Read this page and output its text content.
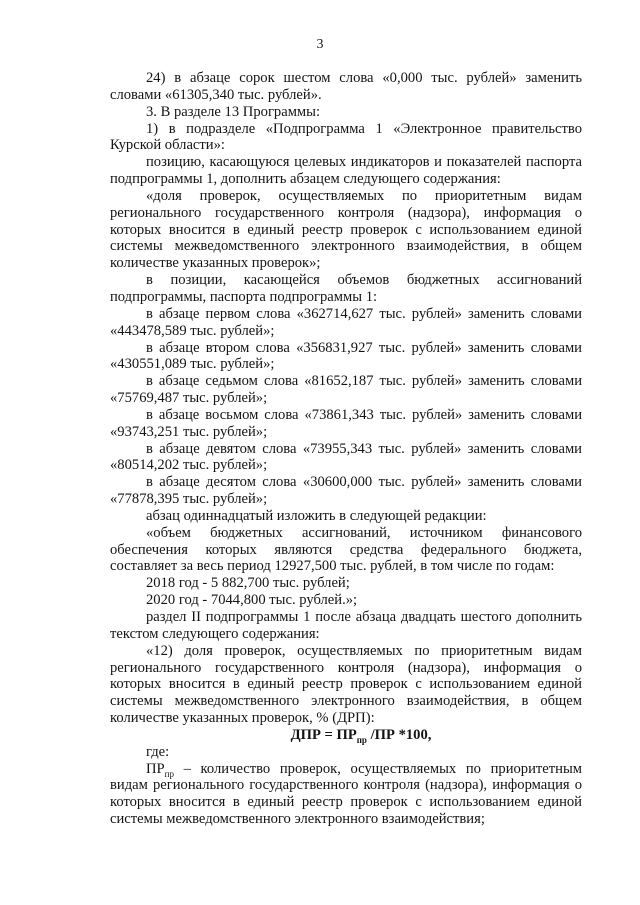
3

24) в абзаце сорок шестом слова «0,000 тыс. рублей» заменить словами «61305,340 тыс. рублей».

3. В разделе 13 Программы:

1) в подразделе «Подпрограмма 1 «Электронное правительство Курской области»:

позицию, касающуюся целевых индикаторов и показателей паспорта подпрограммы 1, дополнить абзацем следующего содержания:

«доля проверок, осуществляемых по приоритетным видам регионального государственного контроля (надзора), информация о которых вносится в единый реестр проверок с использованием единой системы межведомственного электронного взаимодействия, в общем количестве указанных проверок»;

в позиции, касающейся объемов бюджетных ассигнований подпрограммы, паспорта подпрограммы 1:

в абзаце первом слова «362714,627 тыс. рублей» заменить словами «443478,589 тыс. рублей»;

в абзаце втором слова «356831,927 тыс. рублей» заменить словами «430551,089 тыс. рублей»;

в абзаце седьмом слова «81652,187 тыс. рублей» заменить словами «75769,487 тыс. рублей»;

в абзаце восьмом слова «73861,343 тыс. рублей» заменить словами «93743,251 тыс. рублей»;

в абзаце девятом слова «73955,343 тыс. рублей» заменить словами «80514,202 тыс. рублей»;

в абзаце десятом слова «30600,000 тыс. рублей» заменить словами «77878,395 тыс. рублей»;

абзац одиннадцатый изложить в следующей редакции:

«объем бюджетных ассигнований, источником финансового обеспечения которых являются средства федерального бюджета, составляет за весь период 12927,500 тыс. рублей, в том числе по годам:

2018 год - 5 882,700 тыс. рублей;

2020 год - 7044,800 тыс. рублей.»;

раздел II подпрограммы 1 после абзаца двадцать шестого дополнить текстом следующего содержания:

«12) доля проверок, осуществляемых по приоритетным видам регионального государственного контроля (надзора), информация о которых вносится в единый реестр проверок с использованием единой системы межведомственного электронного взаимодействия, в общем количестве указанных проверок, % (ДРП):

ДПР = $ПР_{пр}$ /ПР *100,

где:

$ПР_{пр}$ – количество проверок, осуществляемых по приоритетным видам регионального государственного контроля (надзора), информация о которых вносится в единый реестр проверок с использованием единой системы межведомственного электронного взаимодействия;
